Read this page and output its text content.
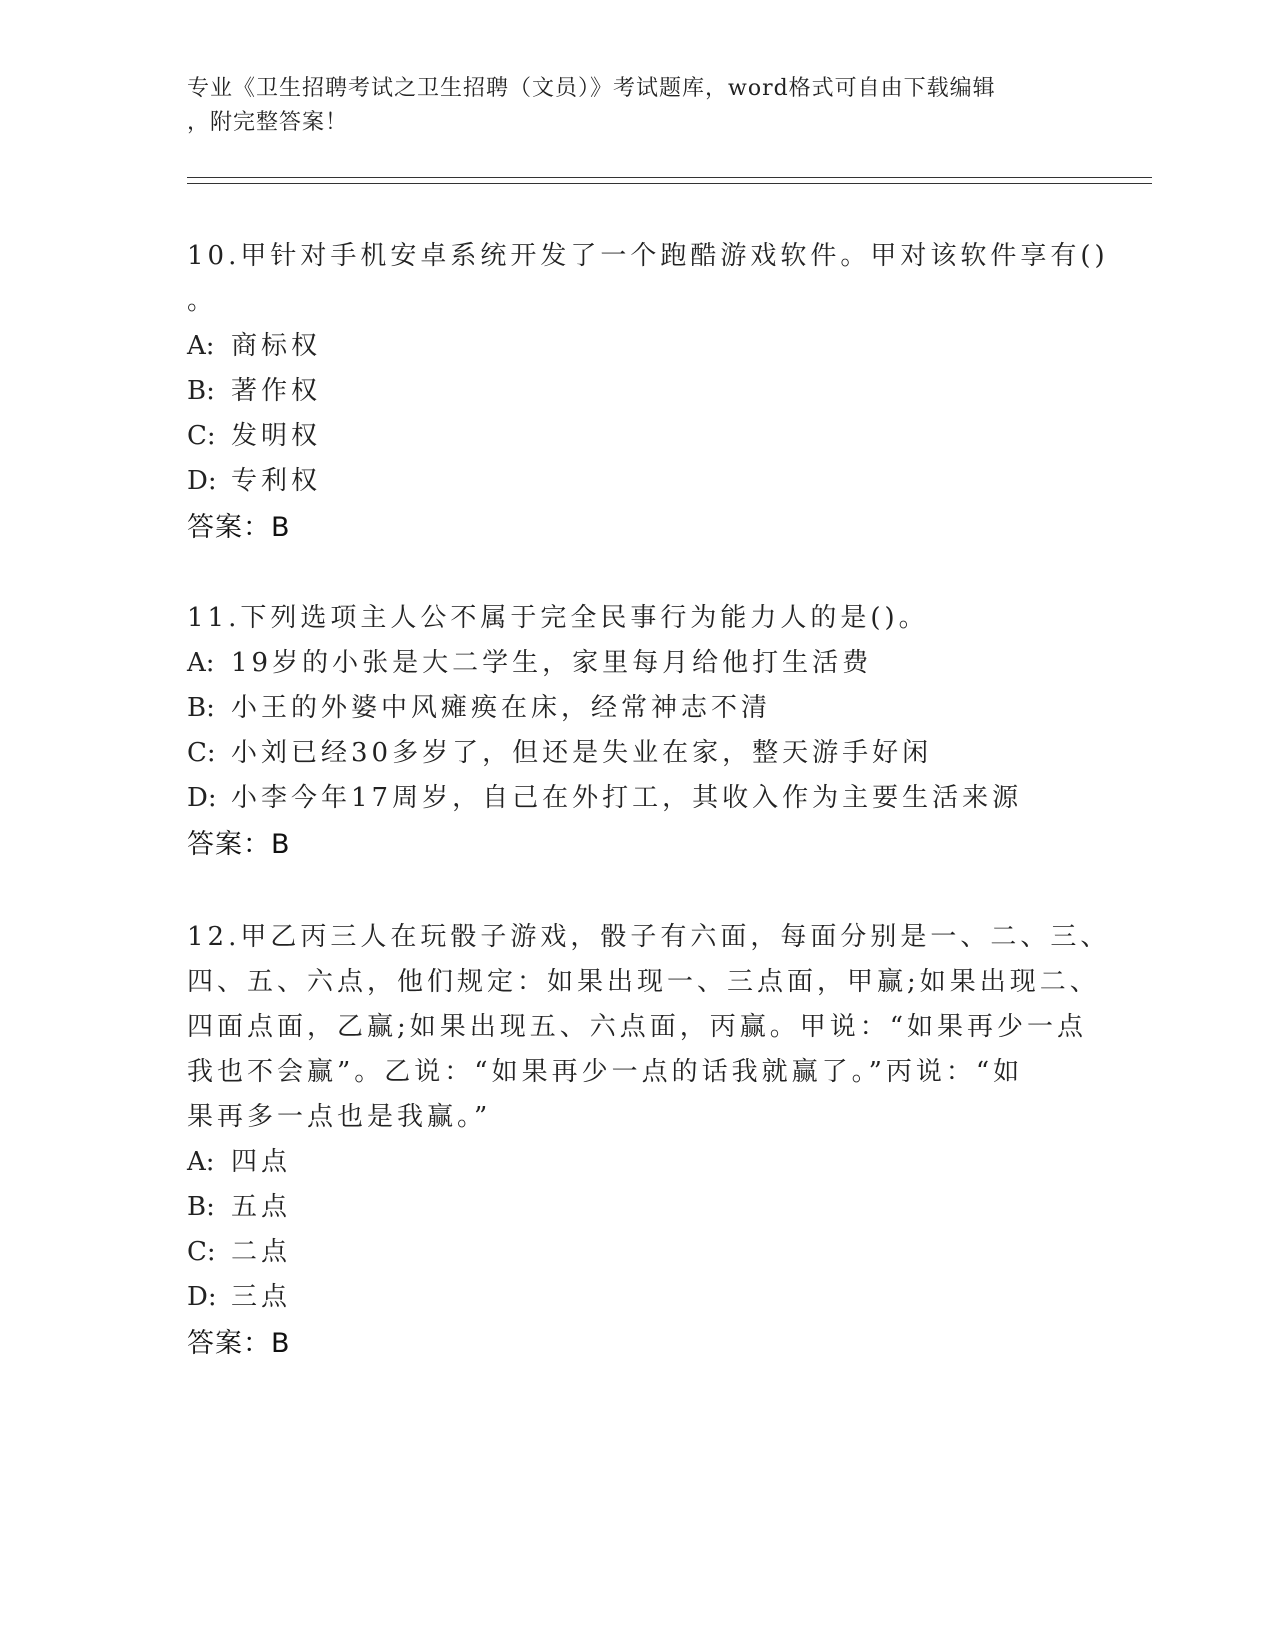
专业《卫生招聘考试之卫生招聘（文员）》考试题库，word格式可自由下载编辑
，附完整答案！
10.甲针对手机安卓系统开发了一个跑酷游戏软件。甲对该软件享有()
。
A: 商标权
B: 著作权
C: 发明权
D: 专利权
答案：B
11.下列选项主人公不属于完全民事行为能力人的是()。
A: 19岁的小张是大二学生，家里每月给他打生活费
B: 小王的外婆中风瘫痪在床，经常神志不清
C: 小刘已经30多岁了，但还是失业在家，整天游手好闲
D: 小李今年17周岁，自己在外打工，其收入作为主要生活来源
答案：B
12.甲乙丙三人在玩骰子游戏，骰子有六面，每面分别是一、二、三、
四、五、六点，他们规定：如果出现一、三点面，甲赢;如果出现二、
四面点面，乙赢;如果出现五、六点面，丙赢。甲说：“如果再少一点
我也不会赢”。乙说：“如果再少一点的话我就赢了。”丙说：“如
果再多一点也是我赢。”
A: 四点
B: 五点
C: 二点
D: 三点
答案：B
